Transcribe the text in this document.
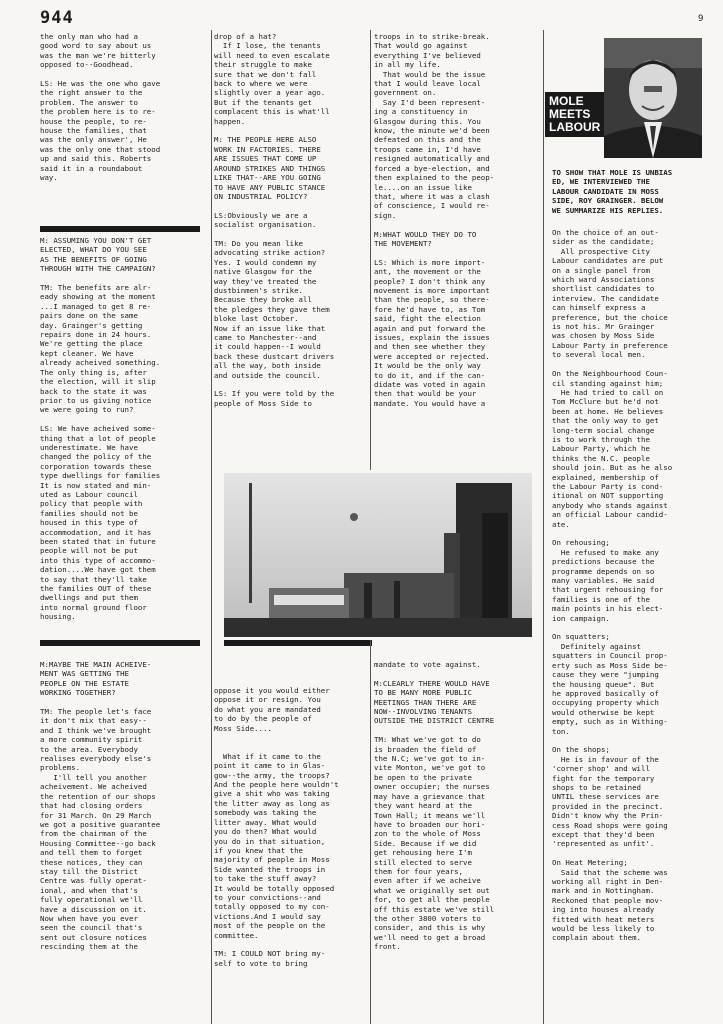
944	9
the only man who had a
good word to say about us
was the man we're bitterly
opposed to--Goodhead.

LS: He was the one who gave
the right answer to the
problem. The answer to
the problem here is to re-
house the people, to re-
house the families, that
was the only answer', He
was the only one that stood
up and said this. Roberts
said it in a roundabout
way.
M: ASSUMING YOU DON'T GET
ELECTED, WHAT DO YOU SEE
AS THE BENEFITS OF GOING
THROUGH WITH THE CAMPAIGN?

TM: The benefits are alr-
eady showing at the moment
...I managed to get 8 re-
pairs done on the same
day. Grainger's getting
repairs done in 24 hours.
We're getting the place
kept cleaner. We have
already acheived something.
The only thing is, after
the election, will it slip
back to the state it was
prior to us giving notice
we were going to run?

LS: We have acheived some-
thing that a lot of people
underestimate. We have
changed the policy of the
corporation towards these
type dwellings for families
It is now stated and min-
uted as Labour council
policy that people with
families should not be
housed in this type of
accommodation, and it has
been stated that in future
people will not be put
into this type of accommo-
dation....We have got them
to say that they'll take
the families OUT of these
dwellings and put them
into normal ground floor
housing.
M:MAYBE THE MAIN ACHEIVE-
MENT WAS GETTING THE
PEOPLE ON THE ESTATE
WORKING TOGETHER?

TM: The people let's face
it don't mix that easy--
and I think we've brought
a more community spirit
to the area. Everybody
realises everybody else's
problems.
I'll tell you another
acheivement. We acheived
the retention of our shops
that had closing orders
for 31 March. On 29 March
we got a positive guarantee
from the chairman of the
Housing Committee--go back
and tell them to forget
these notices, they can
stay till the District
Centre was fully operat-
ional, and when that's
fully operational we'll
have a discussion on it.
Now when have you ever
seen the council that's
sent out closure notices
rescinding them at the
drop of a hat?
If I lose, the tenants
will need to even escalate
their struggle to make
sure that we don't fall
back to where we were
slightly over a year ago.
But if the tenants get
complacent this is what'll
happen.

M: THE PEOPLE HERE ALSO
WORK IN FACTORIES. THERE
ARE ISSUES THAT COME UP
AROUND STRIKES AND THINGS
LIKE THAT--ARE YOU GOING
TO HAVE ANY PUBLIC STANCE
ON INDUSTRIAL POLICY?

LS:Obviously we are a
socialist organisation.

TM: Do you mean like
advocating strike action?
Yes. I would condemn my
native Glasgow for the
way they've treated the
dustbinmen's strike.
Because they broke all
the pledges they gave them
bloke last October.
Now if an issue like that
came to Manchester--and
it could happen--I would
back these dustcart drivers
all the way, both inside
and outside the council.

LS: If you were told by the
people of Moss Side to
oppose it you would either
oppose it or resign. You
do what you are mandated
to do by the people of
Moss Side....

What if it came to the
point it came to in Glas-
gow--the army, the troops?
And the people here wouldn't
give a shit who was taking
the litter away as long as
somebody was taking the
litter away. What would
you do then? What would
you do in that situation,
if you knew that the
majority of people in Moss
Side wanted the troops in
to take the stuff away?
It would be totally opposed
to your convictions--and
totally opposed to my con-
victions.And I would say
most of the people on the
committee.

TM: I COULD NOT bring my-
self to vote to bring
troops in to strike-break.
That would go against
everything I've believed
in all my life.
That would be the issue
that I would leave local
government on.
Say I'd been represent-
ing a constituency in
Glasgow during this. You
know, the minute we'd been
defeated on this and the
troops came in, I'd have
resigned automatically and
forced a bye-election, and
then explained to the peop-
le....on an issue like
that, where it was a clash
of conscience, I would re-
sign.

M:WHAT WOULD THEY DO TO
THE MOVEMENT?

LS: Which is more import-
ant, the movement or the
people? I don't think any
movement is more important
than the people, so there-
fore he'd have to, as Tom
said, fight the election
again and put forward the
issues, explain the issues
and then see whether they
were accepted or rejected.
It would be the only way
to do it, and if the can-
didate was voted in again
then that would be your
mandate. You would have a
mandate to vote against.

M:CLEARLY THERE WOULD HAVE
TO BE MANY MORE PUBLIC
MEETINGS THAN THERE ARE
NOW--INVOLVING TENANTS
OUTSIDE THE DISTRICT CENTRE

TM: What we've got to do
is broaden the field of
the N.C; we've got to in-
vite Monton, we've got to
be open to the private
owner occupier; the nurses
may have a grievance that
they want heard at the
Town Hall; it means we'll
have to broaden our hori-
zon to the whole of Moss
Side. Because if we did
get rehousing here I'm
still elected to serve
them for four years,
even after if we acheive
what we originally set out
for, to get all the people
off this estate we've still
the other 3800 voters to
consider, and this is why
we'll need to get a broad
front.
MOLE
MEETS
LABOUR
TO SHOW THAT MOLE IS UNBIAS
ED, WE INTERVIEWED THE
LABOUR CANDIDATE IN MOSS
SIDE, ROY GRAINGER. BELOW
WE SUMMARIZE HIS REPLIES.
On the choice of an out-
sider as the candidate;
All prospective City
Labour candidates are put
on a single panel from
which ward Associations
shortlist candidates to
interview. The candidate
can himself express a
preference, but the choice
is not his. Mr Grainger
was chosen by Moss Side
Labour Party in preference
to several local men.

On the Neighbourhood Coun-
cil standing against him;
He had tried to call on
Tom McClure but he'd not
been at home. He believes
that the only way to get
long-term social change
is to work through the
Labour Party, which he
thinks the N.C. people
should join. But as he also
explained, membership of
the Labour Party is cond-
itional on NOT supporting
anybody who stands against
an official Labour candid-
ate.

On rehousing;
He refused to make any
predictions because the
programme depends on so
many variables. He said
that urgent rehousing for
families is one of the
main points in his elect-
ion campaign.

On squatters;
Definitely against
squatters in Council prop-
erty such as Moss Side be-
cause they were "jumping
the housing queue". But
he approved basically of
occupying property which
would otherwise be kept
empty, such as in Withing-
ton.

On the shops;
He is in favour of the
'corner shop' and will
fight for the temporary
shops to be retained
UNTIL these services are
provided in the precinct.
Didn't know why the Prin-
cess Road shops were going
except that they'd been
'represented as unfit'.

On Heat Metering;
Said that the scheme was
working all right in Den-
mark and in Nottingham.
Reckoned that people mov-
ing into houses already
fitted with heat meters
would be less likely to
complain about them.
